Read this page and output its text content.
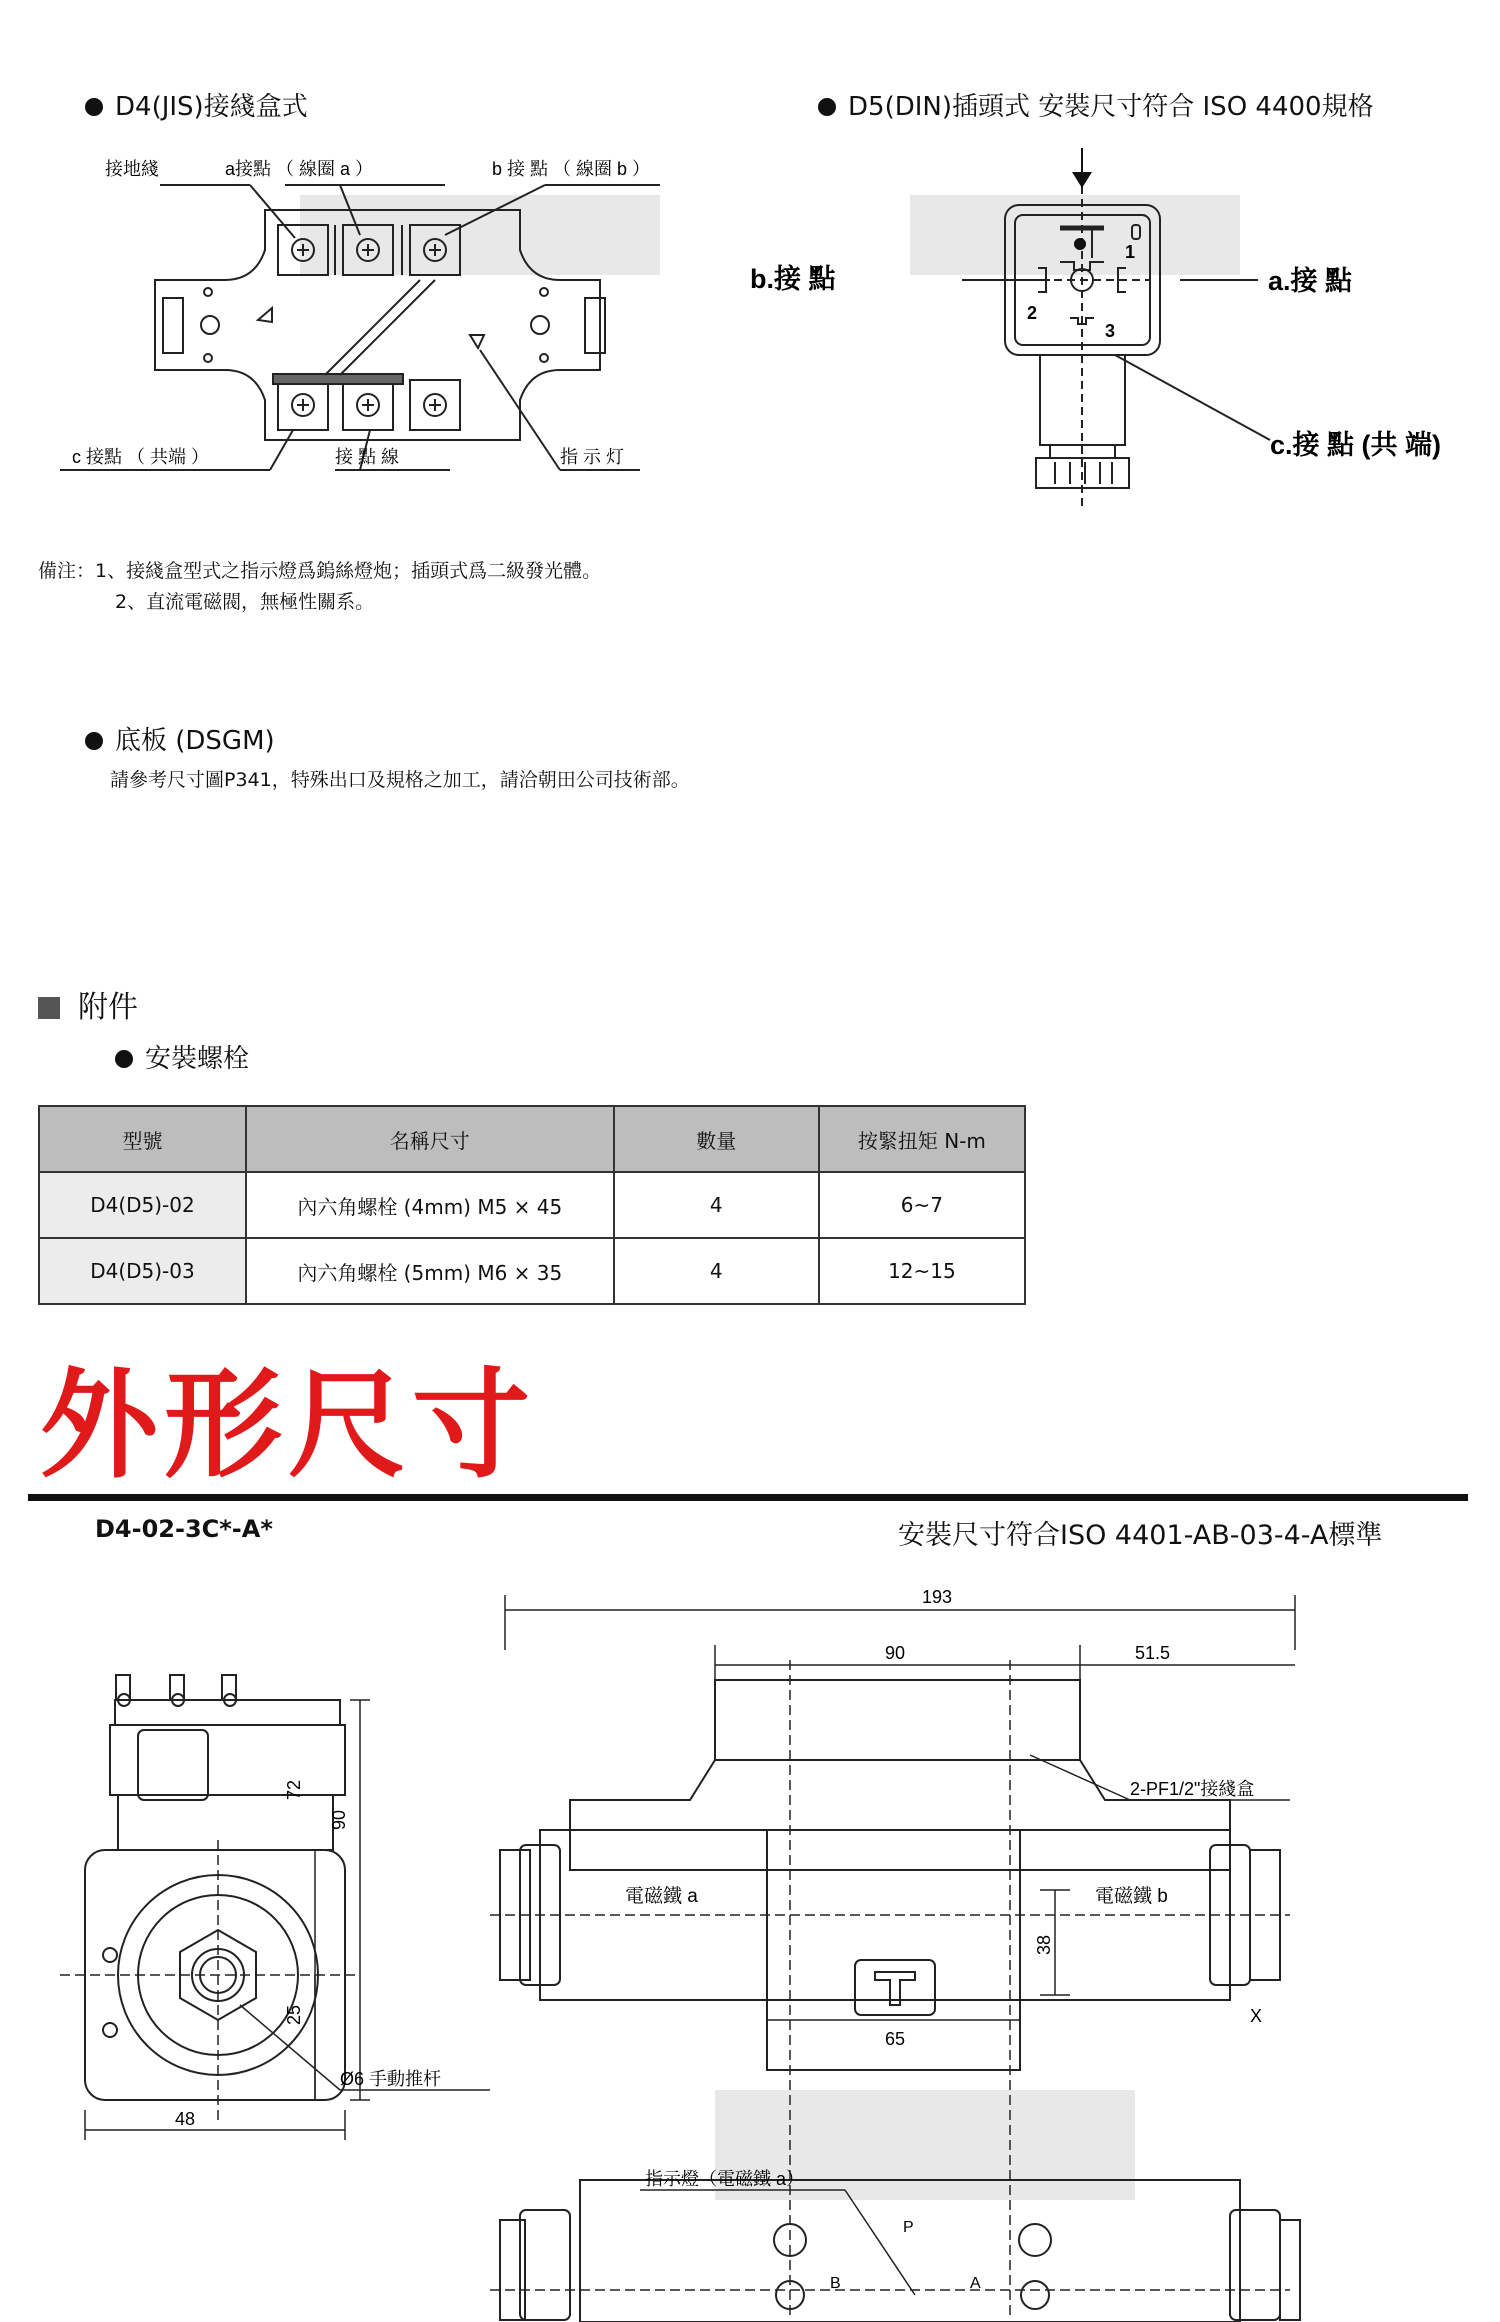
D4(JIS)接綫盒式	D5(DIN)插頭式 安裝尺寸符合 ISO 4400規格
接地綫	a接點 （ 線圈 a ）	b 接 點 （ 線圈 b ）
c 接點 （ 共端 ）	接 點 線	指 示 灯
1
2
3
b.接 點	a.接 點
c.接 點 (共 端)
備注：1、接綫盒型式之指示燈爲鎢絲燈炮；插頭式爲二級發光體。
2、直流電磁閥，無極性關系。
底板 (DSGM)
請參考尺寸圖P341，特殊出口及規格之加工，請洽朝田公司技術部。
附件
安裝螺栓
型號	名稱尺寸	數量	按緊扭矩 N-m
D4(D5)-02	內六角螺栓 (4mm) M5 × 45	4	6~7
D4(D5)-03	內六角螺栓 (5mm) M6 × 35	4	12~15
外形尺寸
D4-02-3C*-A*	安裝尺寸符合ISO 4401-AB-03-4-A標準
72
90
25
48
Ø6 手動推杆
193
90	51.5
2-PF1/2"接綫盒
電磁鐵 a	電磁鐵 b
38
65
X
指示燈（電磁鐵 a）
P
A
B
